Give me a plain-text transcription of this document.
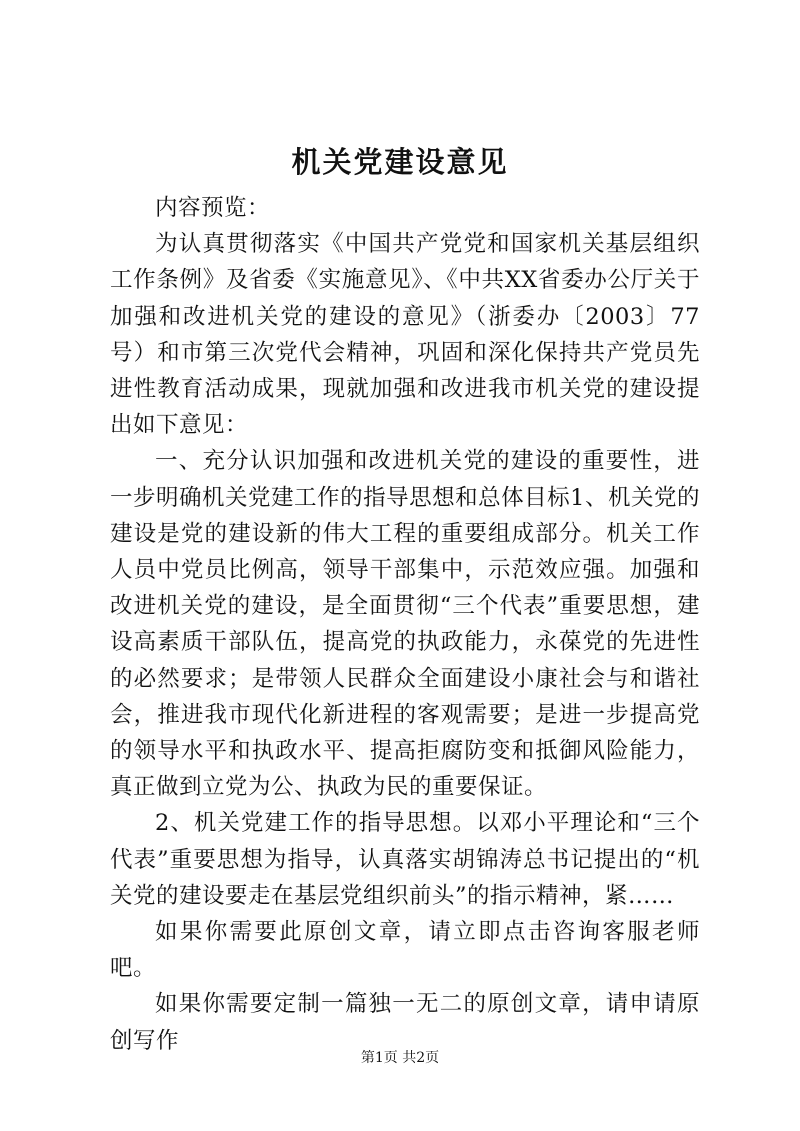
机关党建设意见

内容预览：

为认真贯彻落实《中国共产党党和国家机关基层组织工作条例》及省委《实施意见》、《中共XX省委办公厅关于加强和改进机关党的建设的意见》（浙委办〔2003〕77号）和市第三次党代会精神，巩固和深化保持共产党员先进性教育活动成果，现就加强和改进我市机关党的建设提出如下意见：

一、充分认识加强和改进机关党的建设的重要性，进一步明确机关党建工作的指导思想和总体目标1、机关党的建设是党的建设新的伟大工程的重要组成部分。机关工作人员中党员比例高，领导干部集中，示范效应强。加强和改进机关党的建设，是全面贯彻“三个代表”重要思想，建设高素质干部队伍，提高党的执政能力，永葆党的先进性的必然要求；是带领人民群众全面建设小康社会与和谐社会，推进我市现代化新进程的客观需要；是进一步提高党的领导水平和执政水平、提高拒腐防变和抵御风险能力，真正做到立党为公、执政为民的重要保证。

2、机关党建工作的指导思想。以邓小平理论和“三个代表”重要思想为指导，认真落实胡锦涛总书记提出的“机关党的建设要走在基层党组织前头”的指示精神，紧……

如果你需要此原创文章，请立即点击咨询客服老师吧。

如果你需要定制一篇独一无二的原创文章，请申请原创写作

第1页 共2页
